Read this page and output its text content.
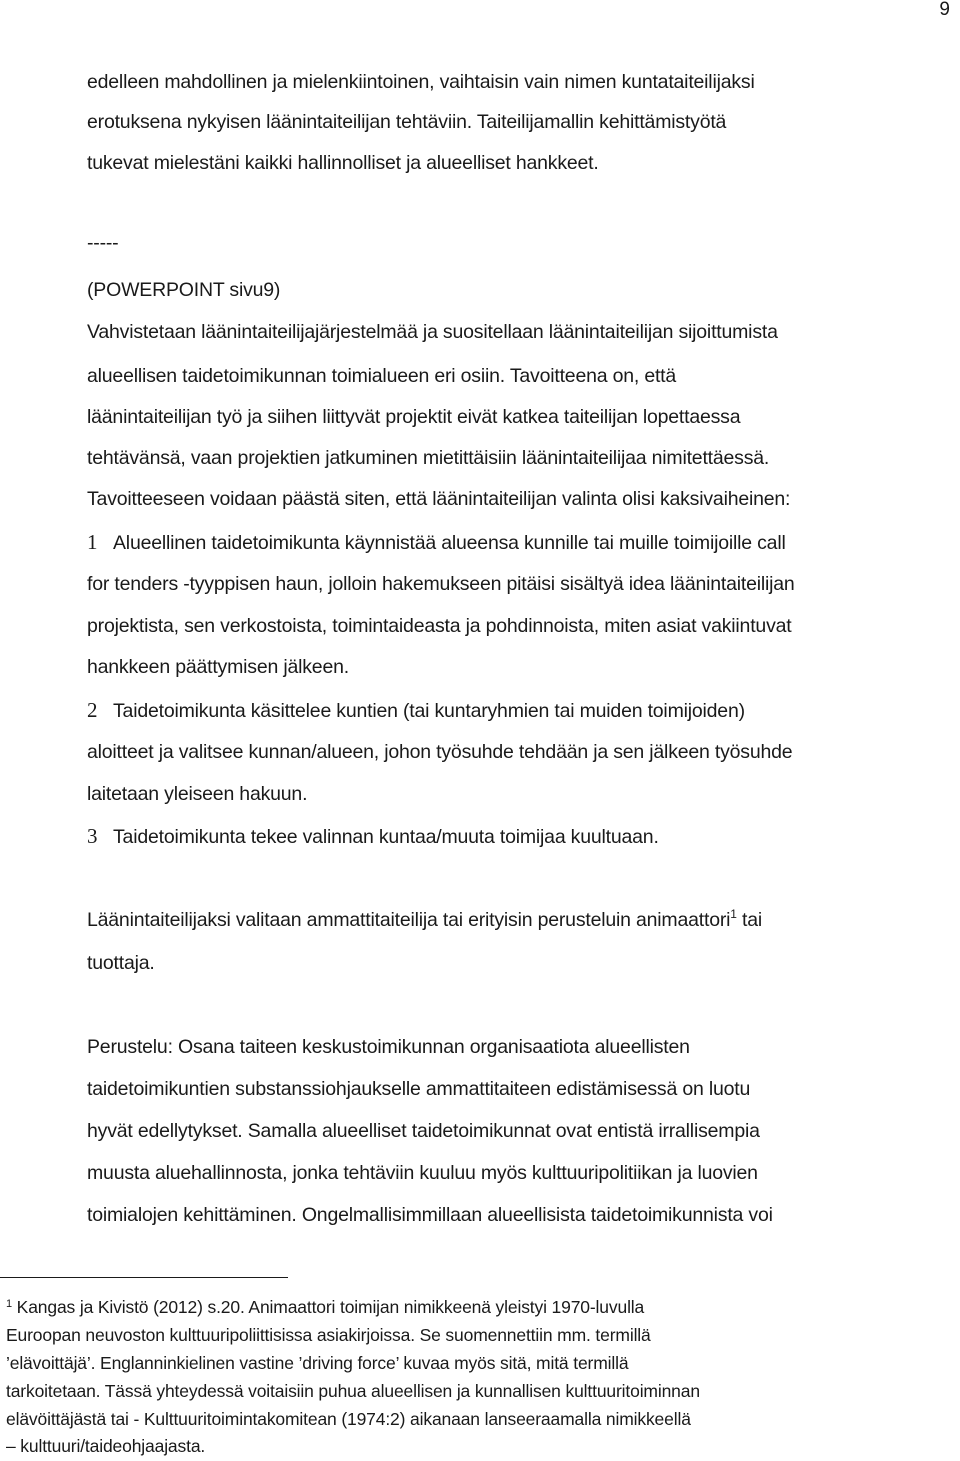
9
edelleen mahdollinen ja mielenkiintoinen, vaihtaisin vain nimen kuntataiteilijaksi
erotuksena nykyisen läänintaiteilijan tehtäviin. Taiteilijamallin kehittämistyötä
tukevat mielestäni kaikki hallinnolliset ja alueelliset hankkeet.
-----
(POWERPOINT sivu9)
Vahvistetaan läänintaiteilijajärjestelmää ja suositellaan läänintaiteilijan sijoittumista
alueellisen taidetoimikunnan toimialueen eri osiin. Tavoitteena on, että
läänintaiteilijan työ ja siihen liittyvät projektit eivät katkea taiteilijan lopettaessa
tehtävänsä, vaan projektien jatkuminen mietittäisiin läänintaiteilijaa nimitettäessä.
Tavoitteeseen voidaan päästä siten, että läänintaiteilijan valinta olisi kaksivaiheinen:
1 Alueellinen taidetoimikunta käynnistää alueensa kunnille tai muille toimijoille call
for tenders -tyyppisen haun, jolloin hakemukseen pitäisi sisältyä idea läänintaiteilijan
projektista, sen verkostoista, toimintaideasta ja pohdinnoista, miten asiat vakiintuvat
hankkeen päättymisen jälkeen.
2 Taidetoimikunta käsittelee kuntien (tai kuntaryhmien tai muiden toimijoiden)
aloitteet ja valitsee kunnan/alueen, johon työsuhde tehdään ja sen jälkeen työsuhde
laitetaan yleiseen hakuun.
3 Taidetoimikunta tekee valinnan kuntaa/muuta toimijaa kuultuaan.
Läänintaiteilijaksi valitaan ammattitaiteilija tai erityisin perusteluin animaattori$^1$ tai
tuottaja.
Perustelu: Osana taiteen keskustoimikunnan organisaatiota alueellisten
taidetoimikuntien substanssiohjaukselle ammattitaiteen edistämisessä on luotu
hyvät edellytykset. Samalla alueelliset taidetoimikunnat ovat entistä irrallisempia
muusta aluehallinnosta, jonka tehtäviin kuuluu myös kulttuuripolitiikan ja luovien
toimialojen kehittäminen. Ongelmallisimmillaan alueellisista taidetoimikunnista voi
$^1$ Kangas ja Kivistö (2012) s.20. Animaattori toimijan nimikkeenä yleistyi 1970-luvulla
Euroopan neuvoston kulttuuripoliittisissa asiakirjoissa. Se suomennettiin mm. termillä
’elävoittäjä’. Englanninkielinen vastine ’driving force’ kuvaa myös sitä, mitä termillä
tarkoitetaan. Tässä yhteydessä voitaisiin puhua alueellisen ja kunnallisen kulttuuritoiminnan
elävöittäjästä tai - Kulttuuritoimintakomitean (1974:2) aikanaan lanseeraamalla nimikkeellä
– kulttuuri/taideohjaajasta.
